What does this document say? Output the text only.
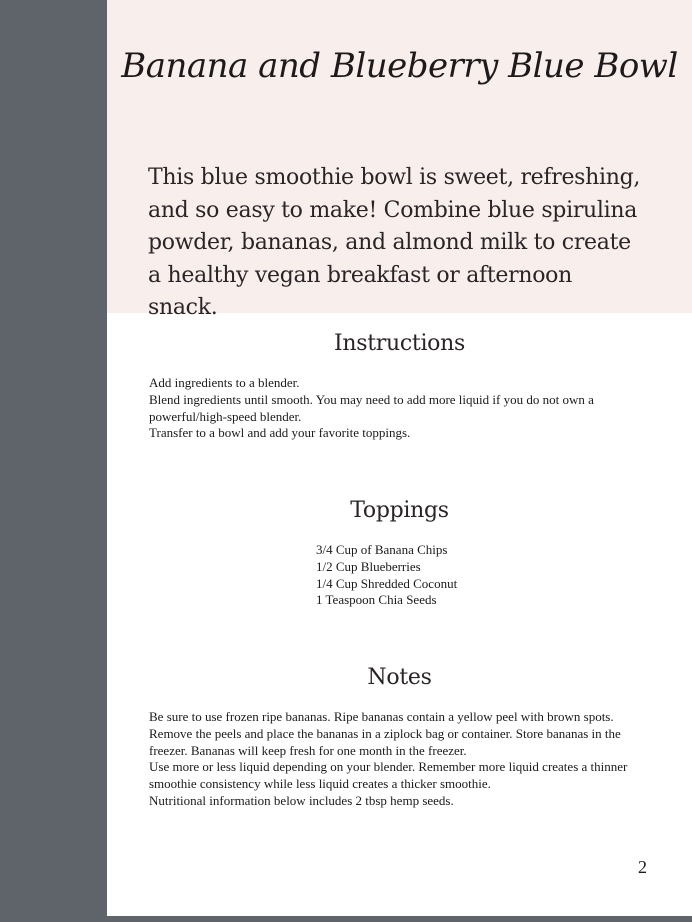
Banana and Blueberry Blue Bowl

This blue smoothie bowl is sweet, refreshing, and so easy to make! Combine blue spirulina powder, bananas, and almond milk to create a healthy vegan breakfast or afternoon snack.

Instructions
Add ingredients to a blender.
Blend ingredients until smooth. You may need to add more liquid if you do not own a powerful/high-speed blender.
Transfer to a bowl and add your favorite toppings.
Toppings
3/4 Cup of Banana Chips
1/2 Cup Blueberries
1/4 Cup Shredded Coconut
1 Teaspoon Chia Seeds
Notes
Be sure to use frozen ripe bananas. Ripe bananas contain a yellow peel with brown spots. Remove the peels and place the bananas in a ziplock bag or container. Store bananas in the freezer. Bananas will keep fresh for one month in the freezer.
Use more or less liquid depending on your blender. Remember more liquid creates a thinner smoothie consistency while less liquid creates a thicker smoothie.
Nutritional information below includes 2 tbsp hemp seeds.
2
